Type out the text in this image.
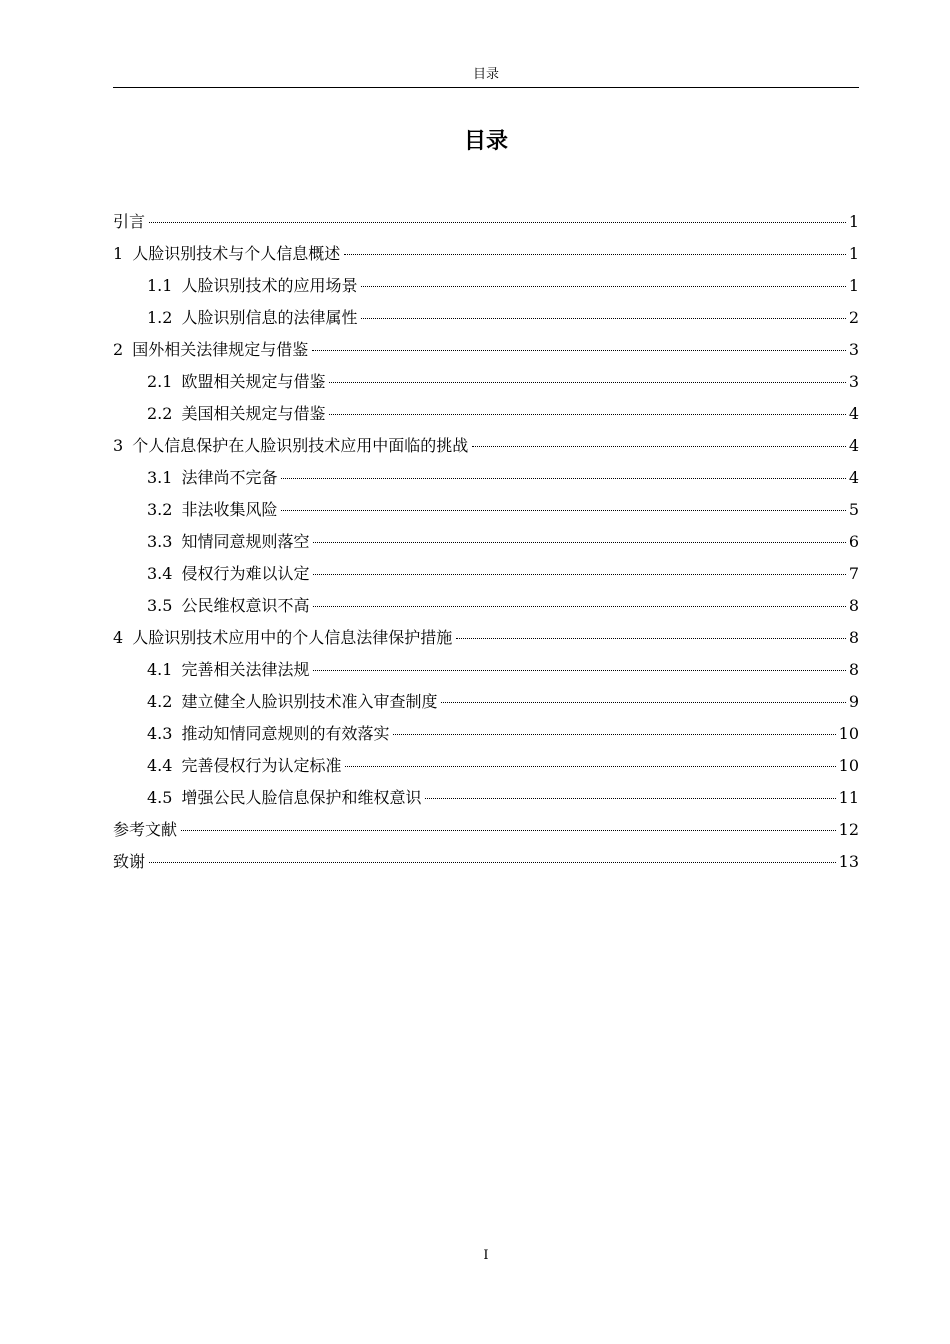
目录
目录
引言	1
1 人脸识别技术与个人信息概述	1
1.1 人脸识别技术的应用场景	1
1.2 人脸识别信息的法律属性	2
2 国外相关法律规定与借鉴	3
2.1 欧盟相关规定与借鉴	3
2.2 美国相关规定与借鉴	4
3 个人信息保护在人脸识别技术应用中面临的挑战	4
3.1 法律尚不完备	4
3.2 非法收集风险	5
3.3 知情同意规则落空	6
3.4 侵权行为难以认定	7
3.5 公民维权意识不高	8
4 人脸识别技术应用中的个人信息法律保护措施	8
4.1 完善相关法律法规	8
4.2 建立健全人脸识别技术准入审查制度	9
4.3 推动知情同意规则的有效落实	10
4.4 完善侵权行为认定标准	10
4.5 增强公民人脸信息保护和维权意识	11
参考文献	12
致谢	13
I
